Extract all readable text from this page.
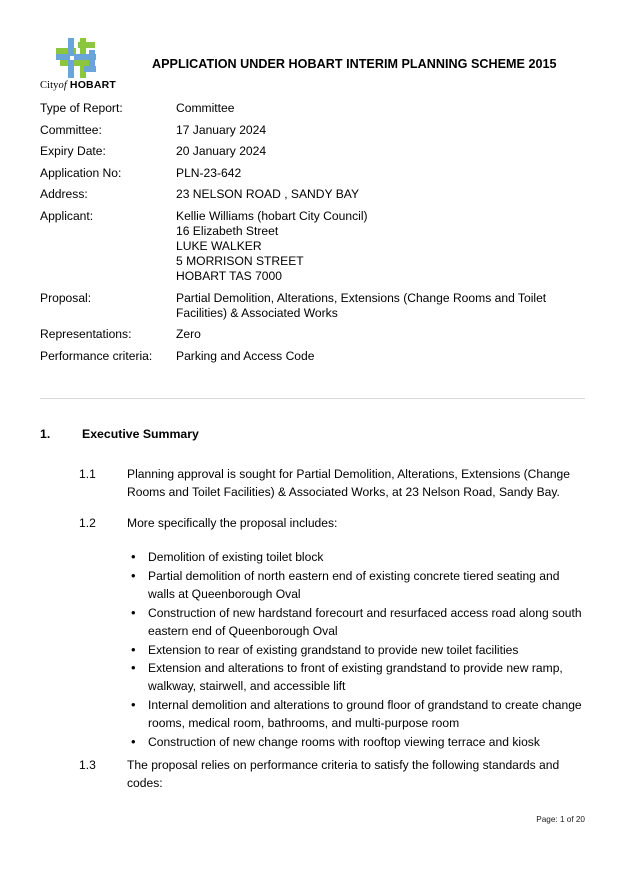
Cityof HOBART
APPLICATION UNDER HOBART INTERIM PLANNING SCHEME 2015
Type of Report:	Committee
Committee:	17 January 2024
Expiry Date:	20 January 2024
Application No:	PLN-23-642
Address:	23 NELSON ROAD , SANDY BAY
Applicant:	Kellie Williams (hobart City Council)
16 Elizabeth Street
LUKE WALKER
5 MORRISON STREET
HOBART TAS 7000
Proposal:	Partial Demolition, Alterations, Extensions (Change Rooms and Toilet Facilities) & Associated Works
Representations:	Zero
Performance criteria:	Parking and Access Code
1.	Executive Summary
1.1	Planning approval is sought for Partial Demolition, Alterations, Extensions (Change Rooms and Toilet Facilities) & Associated Works, at 23 Nelson Road, Sandy Bay.
1.2	More specifically the proposal includes:
•	Demolition of existing toilet block
•	Partial demolition of north eastern end of existing concrete tiered seating and walls at Queenborough Oval
•	Construction of new hardstand forecourt and resurfaced access road along south eastern end of Queenborough Oval
•	Extension to rear of existing grandstand to provide new toilet facilities
•	Extension and alterations to front of existing grandstand to provide new ramp, walkway, stairwell, and accessible lift
•	Internal demolition and alterations to ground floor of grandstand to create change rooms, medical room, bathrooms, and multi-purpose room
•	Construction of new change rooms with rooftop viewing terrace and kiosk
1.3	The proposal relies on performance criteria to satisfy the following standards and codes:
Page: 1 of 20
